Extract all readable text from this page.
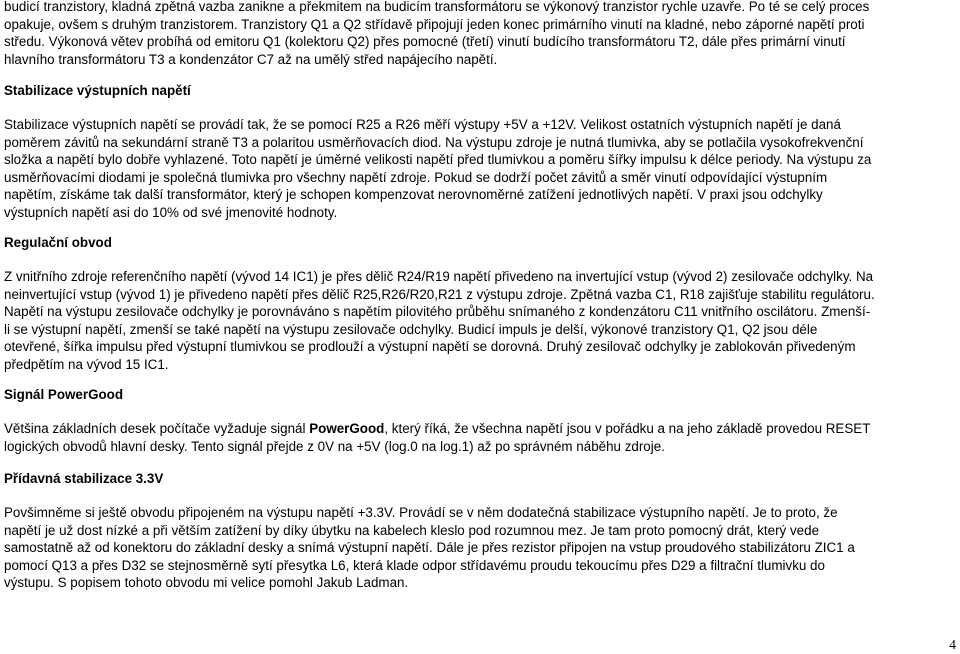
budicí tranzistory, kladná zpětná vazba zanikne a překmitem na budicím transformátoru se výkonový tranzistor rychle uzavře. Po té se celý proces
opakuje, ovšem s druhým tranzistorem. Tranzistory Q1 a Q2 střídavě připojují jeden konec primárního vinutí na kladné, nebo záporné napětí proti
středu. Výkonová větev probíhá od emitoru Q1 (kolektoru Q2) přes pomocné (třetí) vinutí budícího transformátoru T2, dále přes primární vinutí
hlavního transformátoru T3 a kondenzátor C7 až na umělý střed napájecího napětí.

Stabilizace výstupních napětí

Stabilizace výstupních napětí se provádí tak, že se pomocí R25 a R26 měří výstupy +5V a +12V. Velikost ostatních výstupních napětí je daná
poměrem závitů na sekundární straně T3 a polaritou usměrňovacích diod. Na výstupu zdroje je nutná tlumivka, aby se potlačila vysokofrekvenční
složka a napětí bylo dobře vyhlazené. Toto napětí je úměrné velikosti napětí před tlumivkou a poměru šířky impulsu k délce periody. Na výstupu za
usměrňovacími diodami je společná tlumivka pro všechny napětí zdroje. Pokud se dodrží počet závitů a směr vinutí odpovídající výstupním
napětím, získáme tak další transformátor, který je schopen kompenzovat nerovnoměrné zatížení jednotlivých napětí. V praxi jsou odchylky
výstupních napětí asi do 10% od své jmenovité hodnoty.

Regulační obvod

Z vnitřního zdroje referenčního napětí (vývod 14 IC1) je přes dělič R24/R19 napětí přivedeno na invertující vstup (vývod 2) zesilovače odchylky. Na
neinvertující vstup (vývod 1) je přivedeno napětí přes dělič R25,R26/R20,R21 z výstupu zdroje. Zpětná vazba C1, R18 zajišťuje stabilitu regulátoru.
Napětí na výstupu zesilovače odchylky je porovnáváno s napětím pilovitého průběhu snímaného z kondenzátoru C11 vnitřního oscilátoru. Zmenší-
li se výstupní napětí, zmenší se také napětí na výstupu zesilovače odchylky. Budicí impuls je delší, výkonové tranzistory Q1, Q2 jsou déle
otevřené, šířka impulsu před výstupní tlumivkou se prodlouží a výstupní napětí se dorovná. Druhý zesilovač odchylky je zablokován přivedeným
předpětím na vývod 15 IC1.

Signál PowerGood

Většina základních desek počítače vyžaduje signál PowerGood, který říká, že všechna napětí jsou v pořádku a na jeho základě provedou RESET
logických obvodů hlavní desky. Tento signál přejde z 0V na +5V (log.0 na log.1) až po správném náběhu zdroje.

Přídavná stabilizace 3.3V

Povšimněme si ještě obvodu připojeném na výstupu napětí +3.3V. Provádí se v něm dodatečná stabilizace výstupního napětí. Je to proto, že
napětí je už dost nízké a při větším zatížení by díky úbytku na kabelech kleslo pod rozumnou mez. Je tam proto pomocný drát, který vede
samostatně až od konektoru do základní desky a snímá výstupní napětí. Dále je přes rezistor připojen na vstup proudového stabilizátoru ZIC1 a
pomocí Q13 a přes D32 se stejnosměrně sytí přesytka L6, která klade odpor střídavému proudu tekoucímu přes D29 a filtrační tlumivku do
výstupu. S popisem tohoto obvodu mi velice pomohl Jakub Ladman.

4
